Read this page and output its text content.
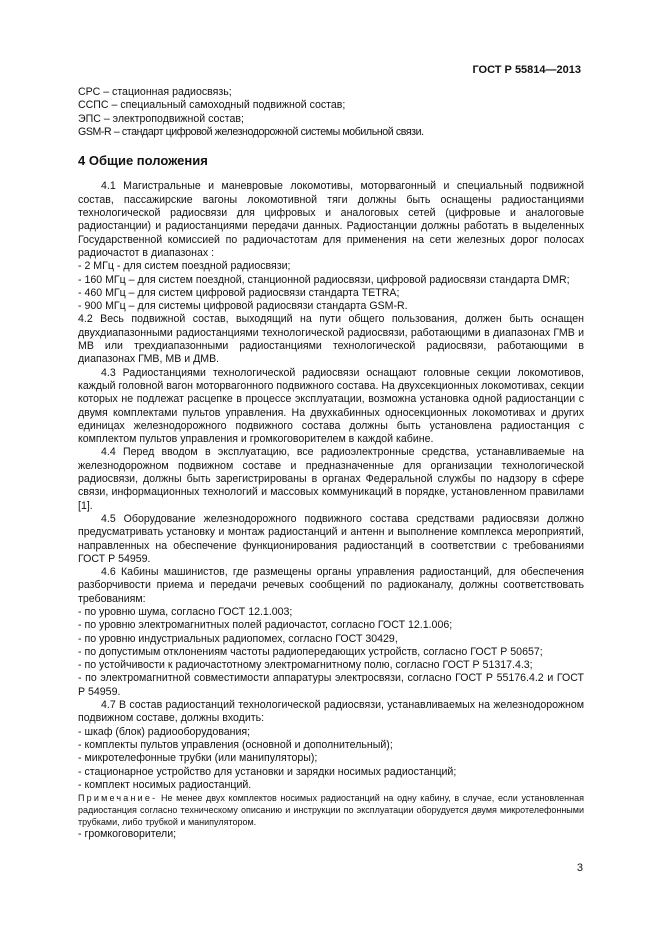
ГОСТ Р 55814—2013

СРС – стационная радиосвязь;

ССПС – специальный самоходный подвижной состав;

ЭПС – электроподвижной состав;

GSM-R – стандарт цифровой железнодорожной системы мобильной связи.

4 Общие положения

4.1 Магистральные и маневровые локомотивы, моторвагонный и специальный подвижной состав, пассажирские вагоны локомотивной тяги должны быть оснащены радиостанциями технологической радиосвязи для цифровых и аналоговых сетей (цифровые и аналоговые радиостанции) и радиостанциями передачи данных. Радиостанции должны работать в выделенных Государственной комиссией по радиочастотам для применения на сети железных дорог полосах радиочастот в диапазонах :

- 2 МГц - для систем поездной радиосвязи;

- 160 МГц – для систем поездной, станционной радиосвязи, цифровой радиосвязи стандарта DMR;

- 460 МГц – для систем цифровой радиосвязи стандарта TETRA;

- 900 МГц – для системы цифровой радиосвязи стандарта GSM-R.

4.2 Весь подвижной состав, выходящий на пути общего пользования, должен быть оснащен двухдиапазонными радиостанциями технологической радиосвязи, работающими в диапазонах ГМВ и МВ или трехдиапазонными радиостанциями технологической радиосвязи, работающими в диапазонах ГМВ, МВ и ДМВ.

4.3 Радиостанциями технологической радиосвязи оснащают головные секции локомотивов, каждый головной вагон моторвагонного подвижного состава. На двухсекционных локомотивах, секции которых не подлежат расцепке в процессе эксплуатации, возможна установка одной радиостанции с двумя комплектами пультов управления. На двухкабинных односекционных локомотивах и других единицах железнодорожного подвижного состава должны быть установлена радиостанция с комплектом пультов управления и громкоговорителем в каждой кабине.

4.4 Перед вводом в эксплуатацию, все радиоэлектронные средства, устанавливаемые на железнодорожном подвижном составе и предназначенные для организации технологической радиосвязи, должны быть зарегистрированы в органах Федеральной службы по надзору в сфере связи, информационных технологий и массовых коммуникаций в порядке, установленном правилами [1].

4.5 Оборудование железнодорожного подвижного состава средствами радиосвязи должно предусматривать установку и монтаж радиостанций и антенн и выполнение комплекса мероприятий, направленных на обеспечение функционирования радиостанций в соответствии с требованиями ГОСТ Р 54959.

4.6 Кабины машинистов, где размещены органы управления радиостанций, для обеспечения разборчивости приема и передачи речевых сообщений по радиоканалу, должны соответствовать требованиям:

- по уровню шума, согласно ГОСТ 12.1.003;

- по уровню электромагнитных полей радиочастот, согласно ГОСТ 12.1.006;

- по уровню индустриальных радиопомех, согласно ГОСТ 30429,

- по допустимым отклонениям частоты радиопередающих устройств, согласно ГОСТ Р 50657;

- по устойчивости к радиочастотному электромагнитному полю, согласно ГОСТ Р 51317.4.3;

- по электромагнитной совместимости аппаратуры электросвязи, согласно ГОСТ Р 55176.4.2 и ГОСТ Р 54959.

4.7 В состав радиостанций технологической радиосвязи, устанавливаемых на железнодорожном подвижном составе, должны входить:

- шкаф (блок) радиооборудования;

- комплекты пультов управления (основной и дополнительный);

- микротелефонные трубки (или манипуляторы);

- стационарное устройство для установки и зарядки носимых радиостанций;

- комплект носимых радиостанций.

Примечание- Не менее двух комплектов носимых радиостанций на одну кабину, в случае, если установленная радиостанция согласно техническому описанию и инструкции по эксплуатации оборудуется двумя микротелефонными трубками, либо трубкой и манипулятором.

- громкоговорители;

3
